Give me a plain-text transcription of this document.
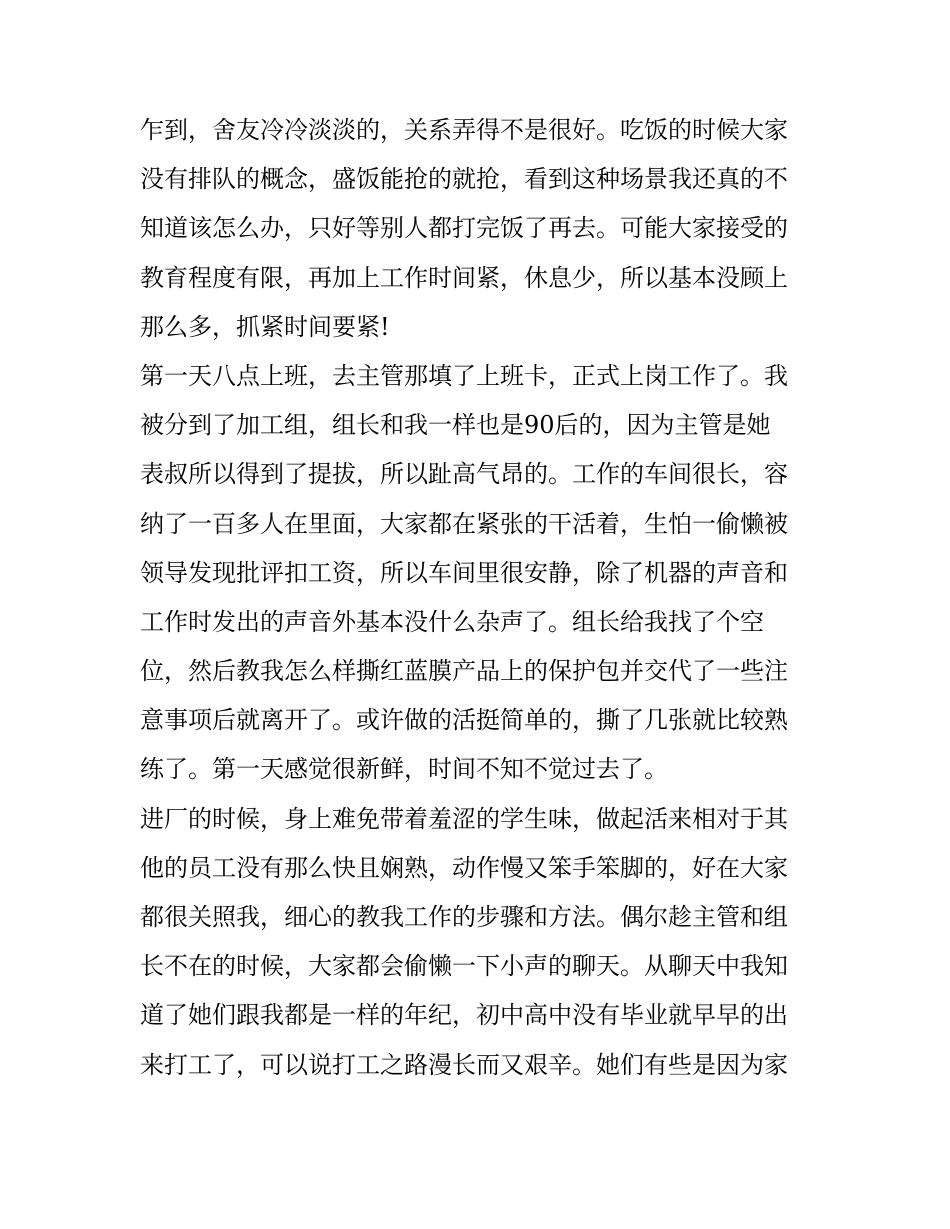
乍到，舍友冷冷淡淡的，关系弄得不是很好。吃饭的时候大家
没有排队的概念，盛饭能抢的就抢，看到这种场景我还真的不
知道该怎么办，只好等别人都打完饭了再去。可能大家接受的
教育程度有限，再加上工作时间紧，休息少，所以基本没顾上
那么多，抓紧时间要紧!
第一天八点上班，去主管那填了上班卡，正式上岗工作了。我
被分到了加工组，组长和我一样也是90后的，因为主管是她
表叔所以得到了提拔，所以趾高气昂的。工作的车间很长，容
纳了一百多人在里面，大家都在紧张的干活着，生怕一偷懒被
领导发现批评扣工资，所以车间里很安静，除了机器的声音和
工作时发出的声音外基本没什么杂声了。组长给我找了个空
位，然后教我怎么样撕红蓝膜产品上的保护包并交代了一些注
意事项后就离开了。或许做的活挺简单的，撕了几张就比较熟
练了。第一天感觉很新鲜，时间不知不觉过去了。
进厂的时候，身上难免带着羞涩的学生味，做起活来相对于其
他的员工没有那么快且娴熟，动作慢又笨手笨脚的，好在大家
都很关照我，细心的教我工作的步骤和方法。偶尔趁主管和组
长不在的时候，大家都会偷懒一下小声的聊天。从聊天中我知
道了她们跟我都是一样的年纪，初中高中没有毕业就早早的出
来打工了，可以说打工之路漫长而又艰辛。她们有些是因为家
